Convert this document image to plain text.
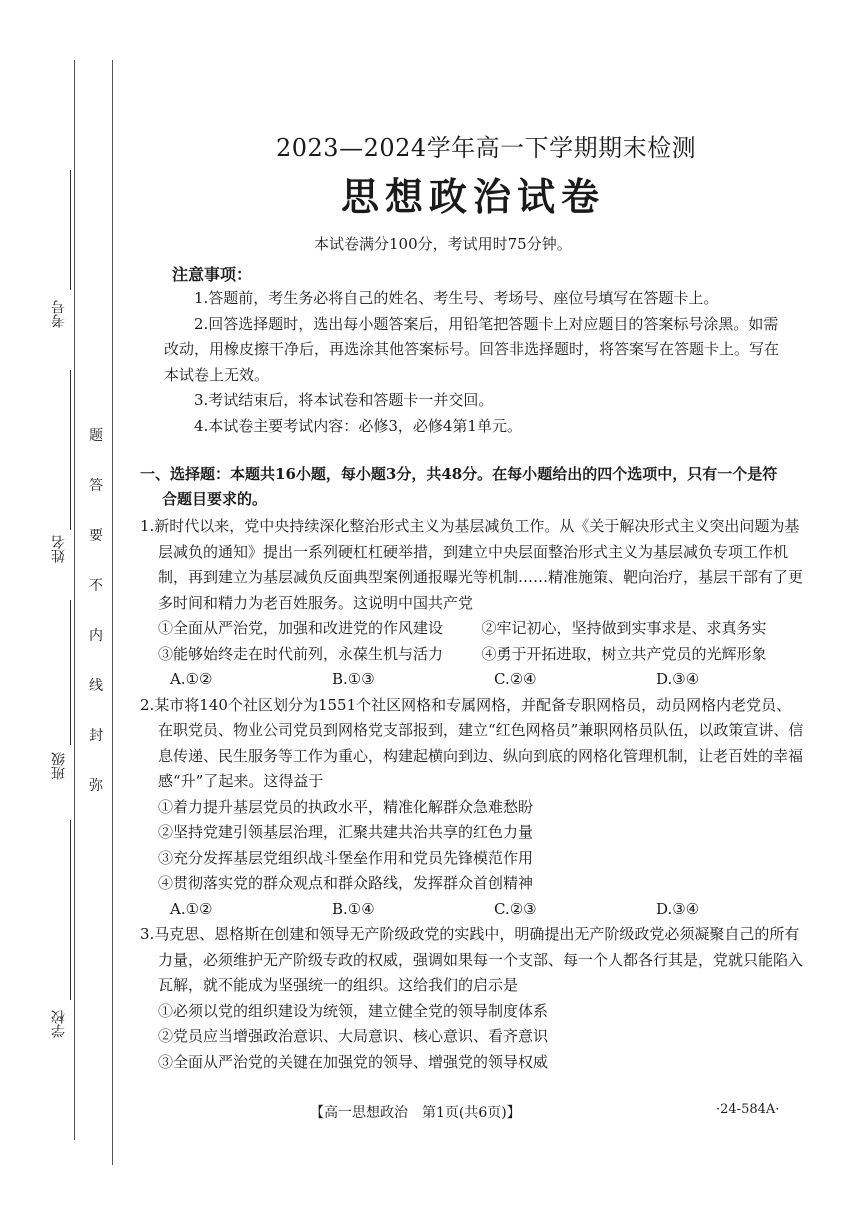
考号
姓名
班级
学校
题
答
要
不
内
线
封
弥
2023—2024学年高一下学期期末检测
思想政治试卷
本试卷满分100分，考试用时75分钟。
注意事项：

1.答题前，考生务必将自己的姓名、考生号、考场号、座位号填写在答题卡上。

2.回答选择题时，选出每小题答案后，用铅笔把答题卡上对应题目的答案标号涂黑。如需改动，用橡皮擦干净后，再选涂其他答案标号。回答非选择题时，将答案写在答题卡上。写在本试卷上无效。

3.考试结束后，将本试卷和答题卡一并交回。

4.本试卷主要考试内容：必修3，必修4第1单元。

一、选择题：本题共16小题，每小题3分，共48分。在每小题给出的四个选项中，只有一个是符
合题目要求的。

1.新时代以来，党中央持续深化整治形式主义为基层减负工作。从《关于解决形式主义突出问题为基层减负的通知》提出一系列硬杠杠硬举措，到建立中央层面整治形式主义为基层减负专项工作机制，再到建立为基层减负反面典型案例通报曝光等机制……精准施策、靶向治疗，基层干部有了更多时间和精力为老百姓服务。这说明中国共产党

①全面从严治党，加强和改进党的作风建设	②牢记初心，坚持做到实事求是、求真务实
③能够始终走在时代前列，永葆生机与活力	④勇于开拓进取，树立共产党员的光辉形象
A.①②	B.①③	C.②④	D.③④

2.某市将140个社区划分为1551个社区网格和专属网格，并配备专职网格员，动员网格内老党员、在职党员、物业公司党员到网格党支部报到，建立“红色网格员”兼职网格员队伍，以政策宣讲、信息传递、民生服务等工作为重心，构建起横向到边、纵向到底的网格化管理机制，让老百姓的幸福感“升”了起来。这得益于

①着力提升基层党员的执政水平，精准化解群众急难愁盼
②坚持党建引领基层治理，汇聚共建共治共享的红色力量
③充分发挥基层党组织战斗堡垒作用和党员先锋模范作用
④贯彻落实党的群众观点和群众路线，发挥群众首创精神
A.①②	B.①④	C.②③	D.③④

3.马克思、恩格斯在创建和领导无产阶级政党的实践中，明确提出无产阶级政党必须凝聚自己的所有力量，必须维护无产阶级专政的权威，强调如果每一个支部、每一个人都各行其是，党就只能陷入瓦解，就不能成为坚强统一的组织。这给我们的启示是

①必须以党的组织建设为统领，建立健全党的领导制度体系
②党员应当增强政治意识、大局意识、核心意识、看齐意识
③全面从严治党的关键在加强党的领导、增强党的领导权威
【高一思想政治　第1页(共6页)】	·24-584A·
